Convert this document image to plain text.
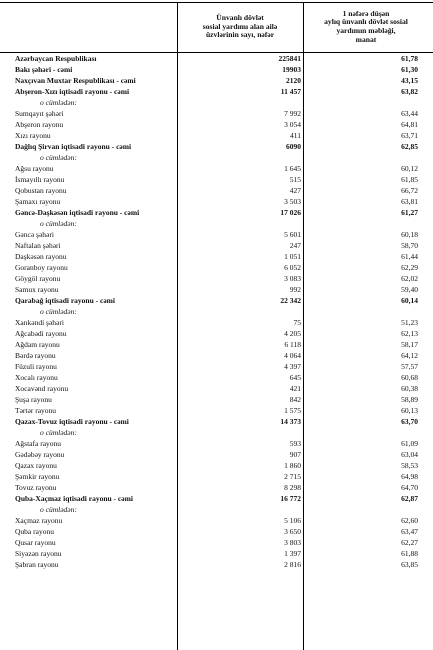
Ünvanlı dövlət
sosial yardımı alan ailə
üzvlərinin sayı, nəfər
1 nəfərə düşən
aylıq ünvanlı dövlət sosial
yardımın məbləği,
manat
Azərbaycan Respublikası	225841	61,78
Bakı şəhəri - cəmi	19903	61,30
Naxçıvan Muxtar Respublikası - cəmi	2120	43,15
Abşeron-Xızı iqtisadi rayonu - cəmi	11 457	63,82
o cümlədən:
Sumqayıt şəhəri	7 992	63,44
Abşeron rayonu	3 054	64,81
Xızı rayonu	411	63,71
Dağlıq Şirvan iqtisadi rayonu - cəmi	6090	62,85
o cümlədən:
Ağsu rayonu	1 645	60,12
İsmayıllı rayonu	515	61,85
Qobustan rayonu	427	66,72
Şamaxı rayonu	3 503	63,81
Gəncə-Daşkəsən iqtisadi rayonu - cəmi	17 026	61,27
o cümlədən:
Gəncə şəhəri	5 601	60,18
Naftalan şəhəri	247	58,70
Daşkəsən rayonu	1 051	61,44
Goranboy rayonu	6 052	62,29
Göygöl rayonu	3 083	62,02
Samux rayonu	992	59,40
Qarabağ iqtisadi rayonu - cəmi	22 342	60,14
o cümlədən:
Xankəndi şəhəri	75	51,23
Ağcabədi rayonu	4 205	62,13
Ağdam rayonu	6 118	58,17
Bərdə rayonu	4 064	64,12
Füzuli rayonu	4 397	57,57
Xocalı rayonu	645	60,68
Xocavənd rayonu	421	60,38
Şuşa rayonu	842	58,89
Tərtər rayonu	1 575	60,13
Qazax-Tovuz iqtisadi rayonu - cəmi	14 373	63,70
o cümlədən:
Ağstafa rayonu	593	61,09
Gədəbəy rayonu	907	63,04
Qazax rayonu	1 860	58,53
Şəmkir rayonu	2 715	64,98
Tovuz rayonu	8 298	64,70
Quba-Xaçmaz iqtisadi rayonu - cəmi	16 772	62,87
o cümlədən:
Xaçmaz rayonu	5 106	62,60
Quba rayonu	3 650	63,47
Qusar rayonu	3 803	62,27
Siyəzən rayonu	1 397	61,88
Şabran rayonu	2 816	63,85
